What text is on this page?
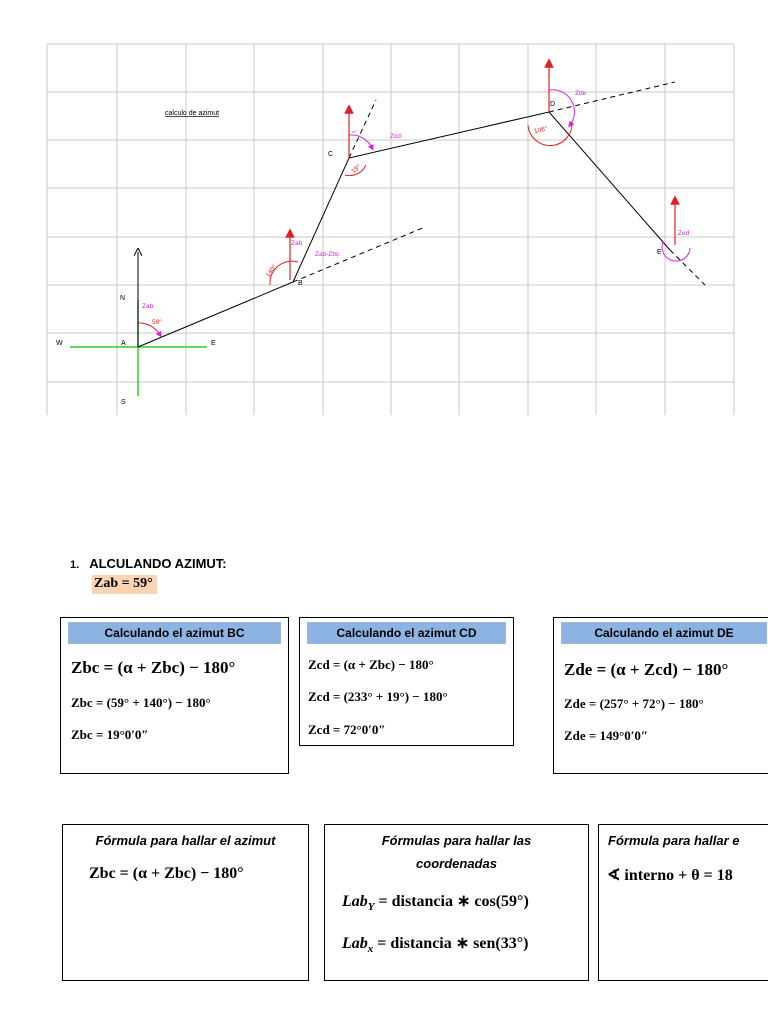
calculo de azimut
N
S
W	E
A
B
C
D
E
Zab
59°
Zab
140°
Zab-Zbc
m°
Zcd
19°
Zde
106°
Zed
1. ALCULANDO AZIMUT:
Zab = 59°
Calculando el azimut BC
Zbc = (α + Zbc) − 180°
Zbc = (59° + 140°) − 180°
Zbc = 19°0′0″
Calculando el azimut CD
Zcd = (α + Zbc) − 180°
Zcd = (233° + 19°) − 180°
Zcd = 72°0′0″
Calculando el azimut DE
Zde = (α + Zcd) − 180°
Zde = (257° + 72°) − 180°
Zde = 149°0′0″
Fórmula para hallar el azimut
Zbc = (α + Zbc) − 180°
Fórmulas para hallar las coordenadas
Lab$_Y$ = distancia ∗ cos(59°)
Lab$_x$ = distancia ∗ sen(33°)
Fórmula para hallar e
∢ interno + θ = 18
